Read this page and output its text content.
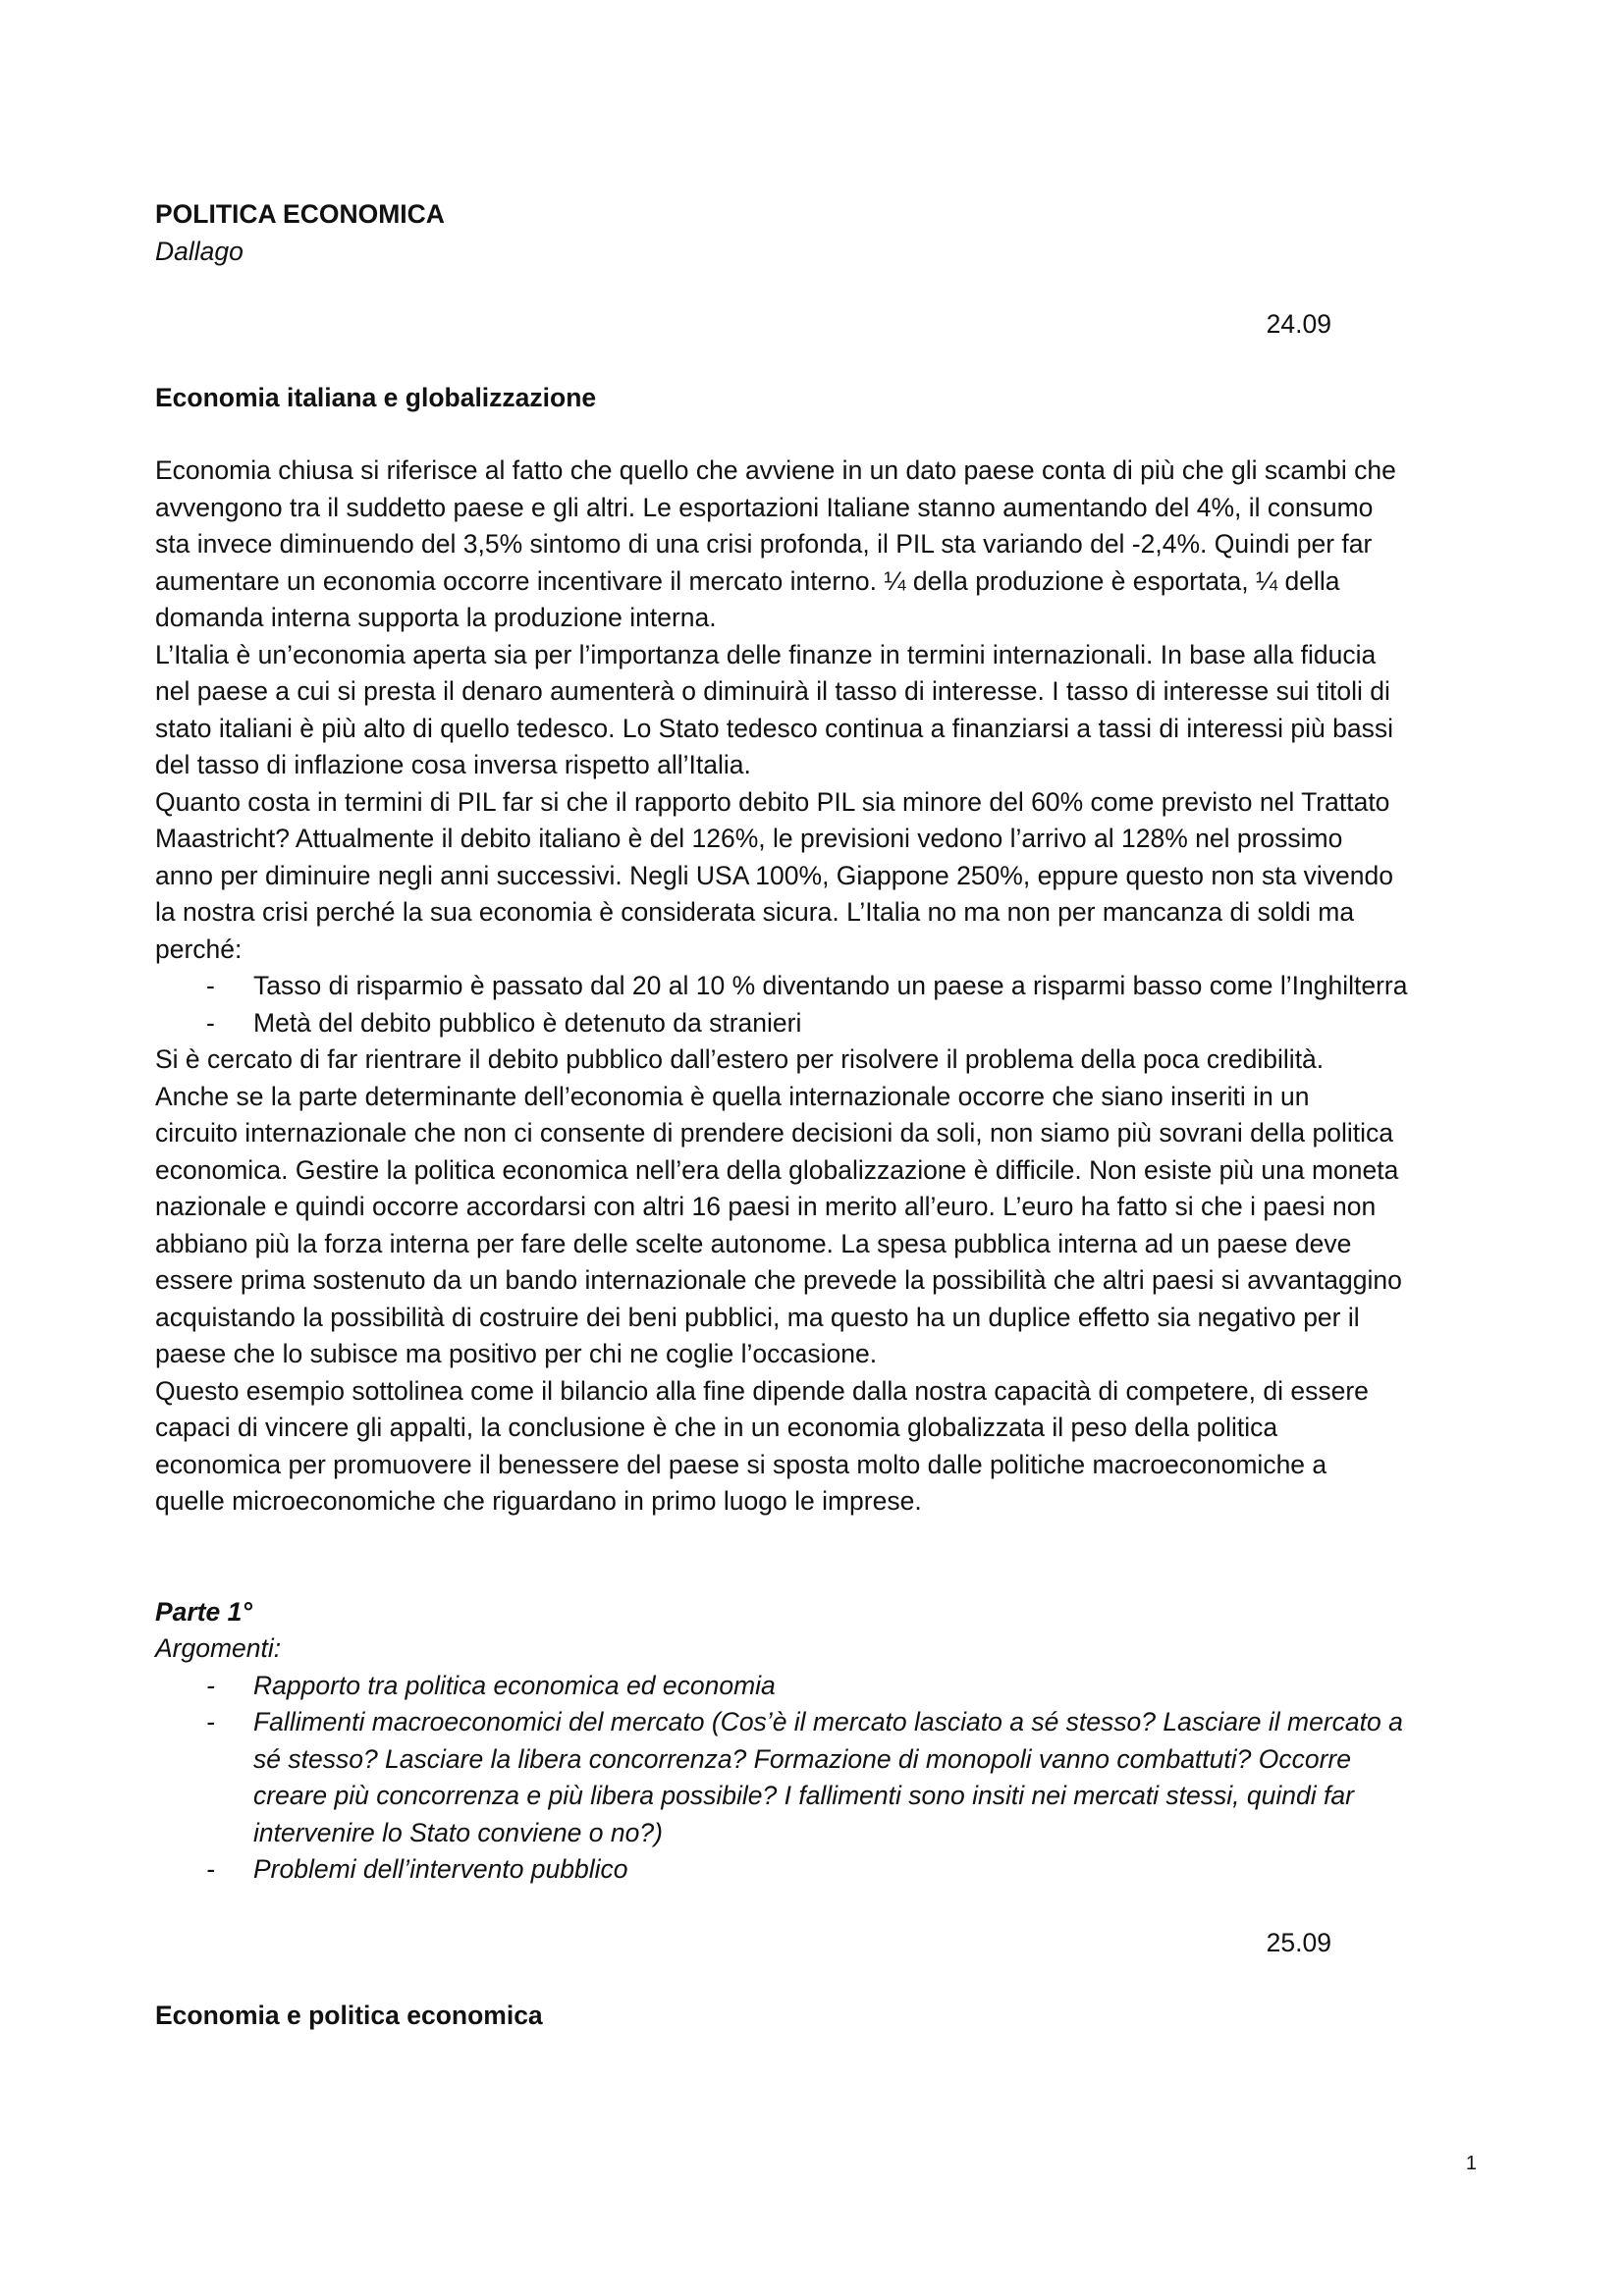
POLITICA ECONOMICA
Dallago
24.09
Economia italiana e globalizzazione
Economia chiusa si riferisce al fatto che quello che avviene in un dato paese conta di più che gli scambi che
avvengono tra il suddetto paese e gli altri. Le esportazioni Italiane stanno aumentando del 4%, il consumo
sta invece diminuendo del 3,5% sintomo di una crisi profonda, il PIL sta variando del -2,4%. Quindi per far
aumentare un economia occorre incentivare il mercato interno. ¼ della produzione è esportata, ¼ della
domanda interna supporta la produzione interna.
L’Italia è un’economia aperta sia per l’importanza delle finanze in termini internazionali. In base alla fiducia
nel paese a cui si presta il denaro aumenterà o diminuirà il tasso di interesse. I tasso di interesse sui titoli di
stato italiani è più alto di quello tedesco. Lo Stato tedesco continua a finanziarsi a tassi di interessi più bassi
del tasso di inflazione cosa inversa rispetto all’Italia.
Quanto costa in termini di PIL far si che il rapporto debito PIL sia minore del 60% come previsto nel Trattato
Maastricht? Attualmente il debito italiano è del 126%, le previsioni vedono l’arrivo al 128% nel prossimo
anno per diminuire negli anni successivi. Negli USA 100%, Giappone 250%, eppure questo non sta vivendo
la nostra crisi perché la sua economia è considerata sicura. L’Italia no ma non per mancanza di soldi ma
perché:
- Tasso di risparmio è passato dal 20 al 10 % diventando un paese a risparmi basso come l’Inghilterra
- Metà del debito pubblico è detenuto da stranieri
Si è cercato di far rientrare il debito pubblico dall’estero per risolvere il problema della poca credibilità.
Anche se la parte determinante dell’economia è quella internazionale occorre che siano inseriti in un
circuito internazionale che non ci consente di prendere decisioni da soli, non siamo più sovrani della politica
economica. Gestire la politica economica nell’era della globalizzazione è difficile. Non esiste più una moneta
nazionale e quindi occorre accordarsi con altri 16 paesi in merito all’euro. L’euro ha fatto si che i paesi non
abbiano più la forza interna per fare delle scelte autonome. La spesa pubblica interna ad un paese deve
essere prima sostenuto da un bando internazionale che prevede la possibilità che altri paesi si avvantaggino
acquistando la possibilità di costruire dei beni pubblici, ma questo ha un duplice effetto sia negativo per il
paese che lo subisce ma positivo per chi ne coglie l’occasione.
Questo esempio sottolinea come il bilancio alla fine dipende dalla nostra capacità di competere, di essere
capaci di vincere gli appalti, la conclusione è che in un economia globalizzata il peso della politica
economica per promuovere il benessere del paese si sposta molto dalle politiche macroeconomiche a
quelle microeconomiche che riguardano in primo luogo le imprese.
Parte 1°
Argomenti:
- Rapporto tra politica economica ed economia
- Fallimenti macroeconomici del mercato (Cos’è il mercato lasciato a sé stesso? Lasciare il mercato a
sé stesso? Lasciare la libera concorrenza? Formazione di monopoli vanno combattuti? Occorre
creare più concorrenza e più libera possibile? I fallimenti sono insiti nei mercati stessi, quindi far
intervenire lo Stato conviene o no?)
- Problemi dell’intervento pubblico
25.09
Economia e politica economica
1
